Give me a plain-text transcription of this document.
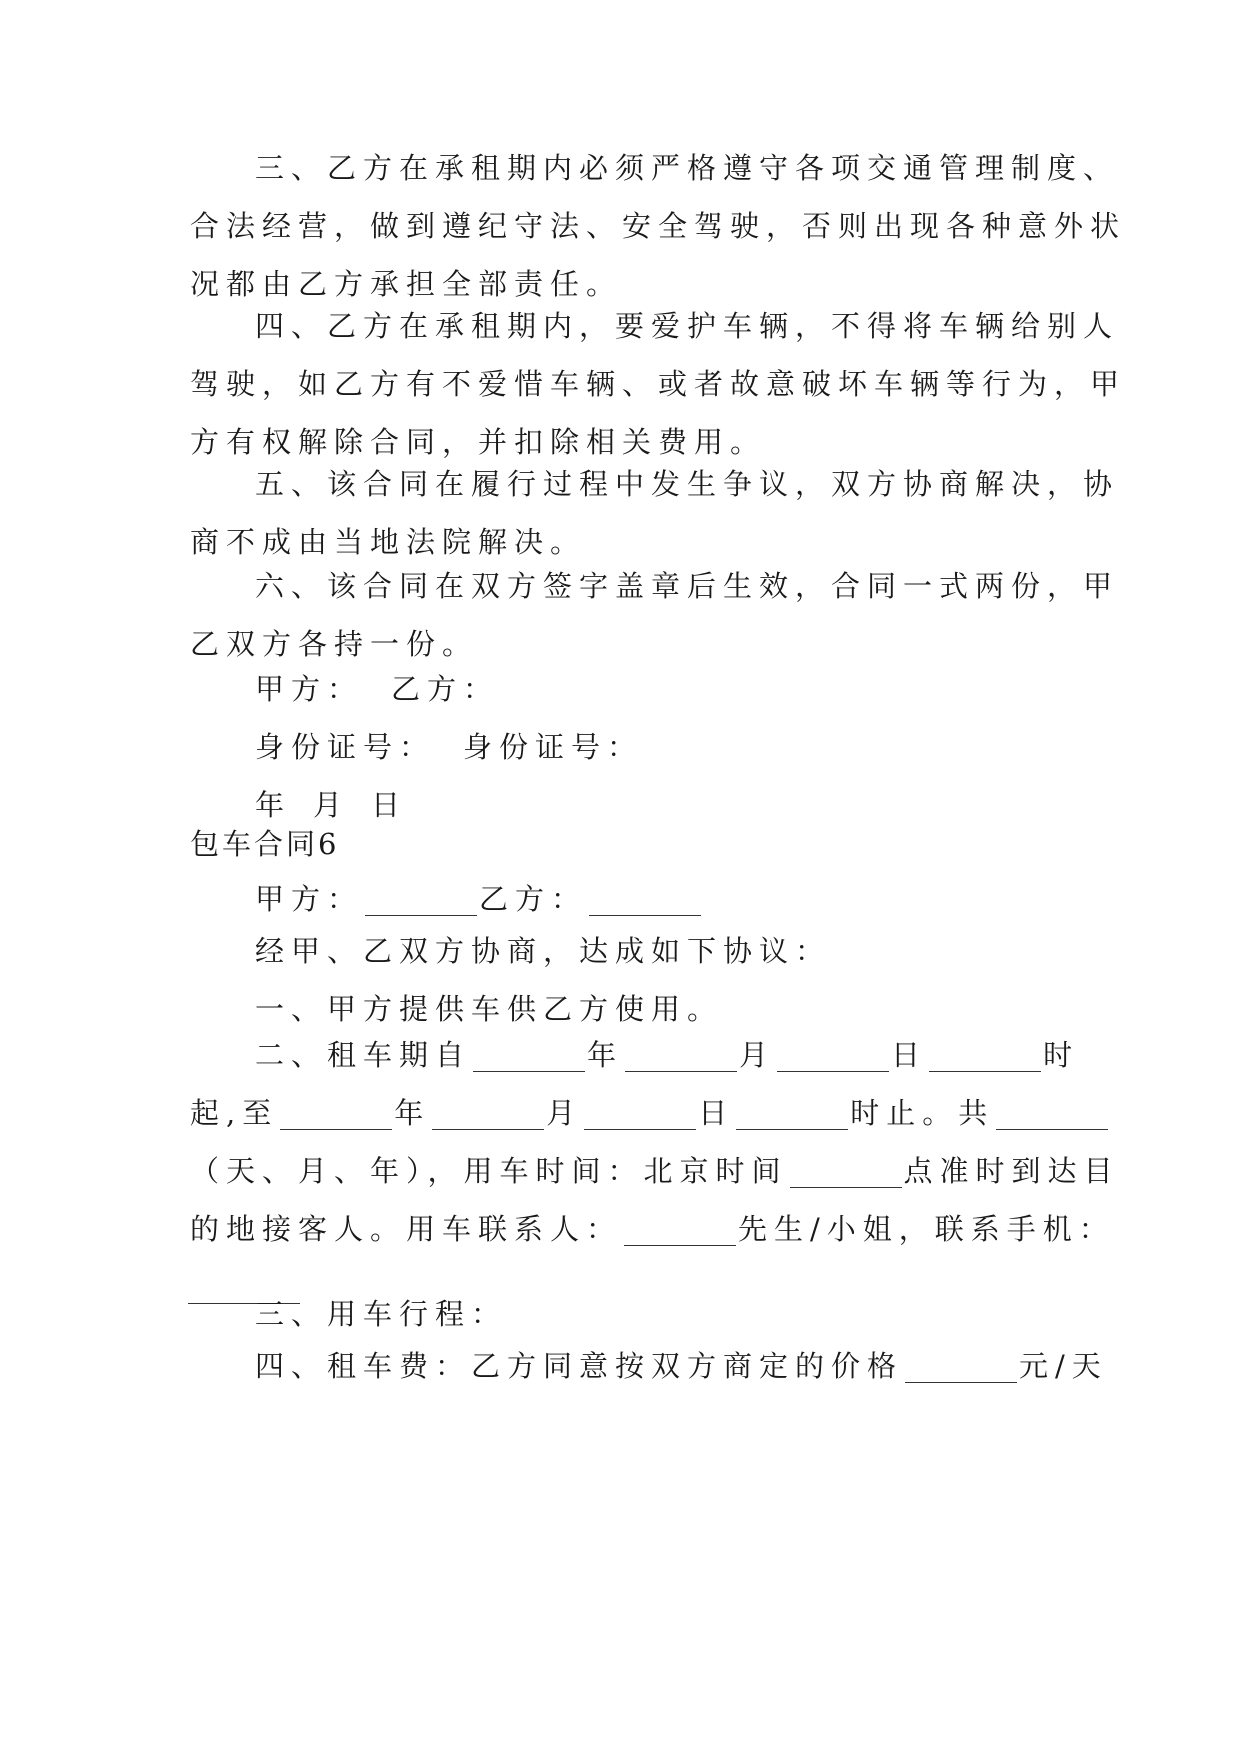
三、乙方在承租期内必须严格遵守各项交通管理制度、
合法经营，做到遵纪守法、安全驾驶，否则出现各种意外状
况都由乙方承担全部责任。
四、乙方在承租期内，要爱护车辆，不得将车辆给别人
驾驶，如乙方有不爱惜车辆、或者故意破坏车辆等行为，甲
方有权解除合同，并扣除相关费用。
五、该合同在履行过程中发生争议，双方协商解决，协
商不成由当地法院解决。
六、该合同在双方签字盖章后生效，合同一式两份，甲
乙双方各持一份。
甲方： 乙方：
身份证号： 身份证号：
年 月 日
包车合同6
甲方：	乙方：
经甲、乙双方协商，达成如下协议：
一、甲方提供车供乙方使用。
二、租车期自	年	月	日	时
起,至	年	月	日	时止。共
（天、月、年），用车时间：北京时间	点准时到达目
的地接客人。用车联系人：	先生/小姐，联系手机：
三、用车行程：
四、租车费：乙方同意按双方商定的价格	元/天
